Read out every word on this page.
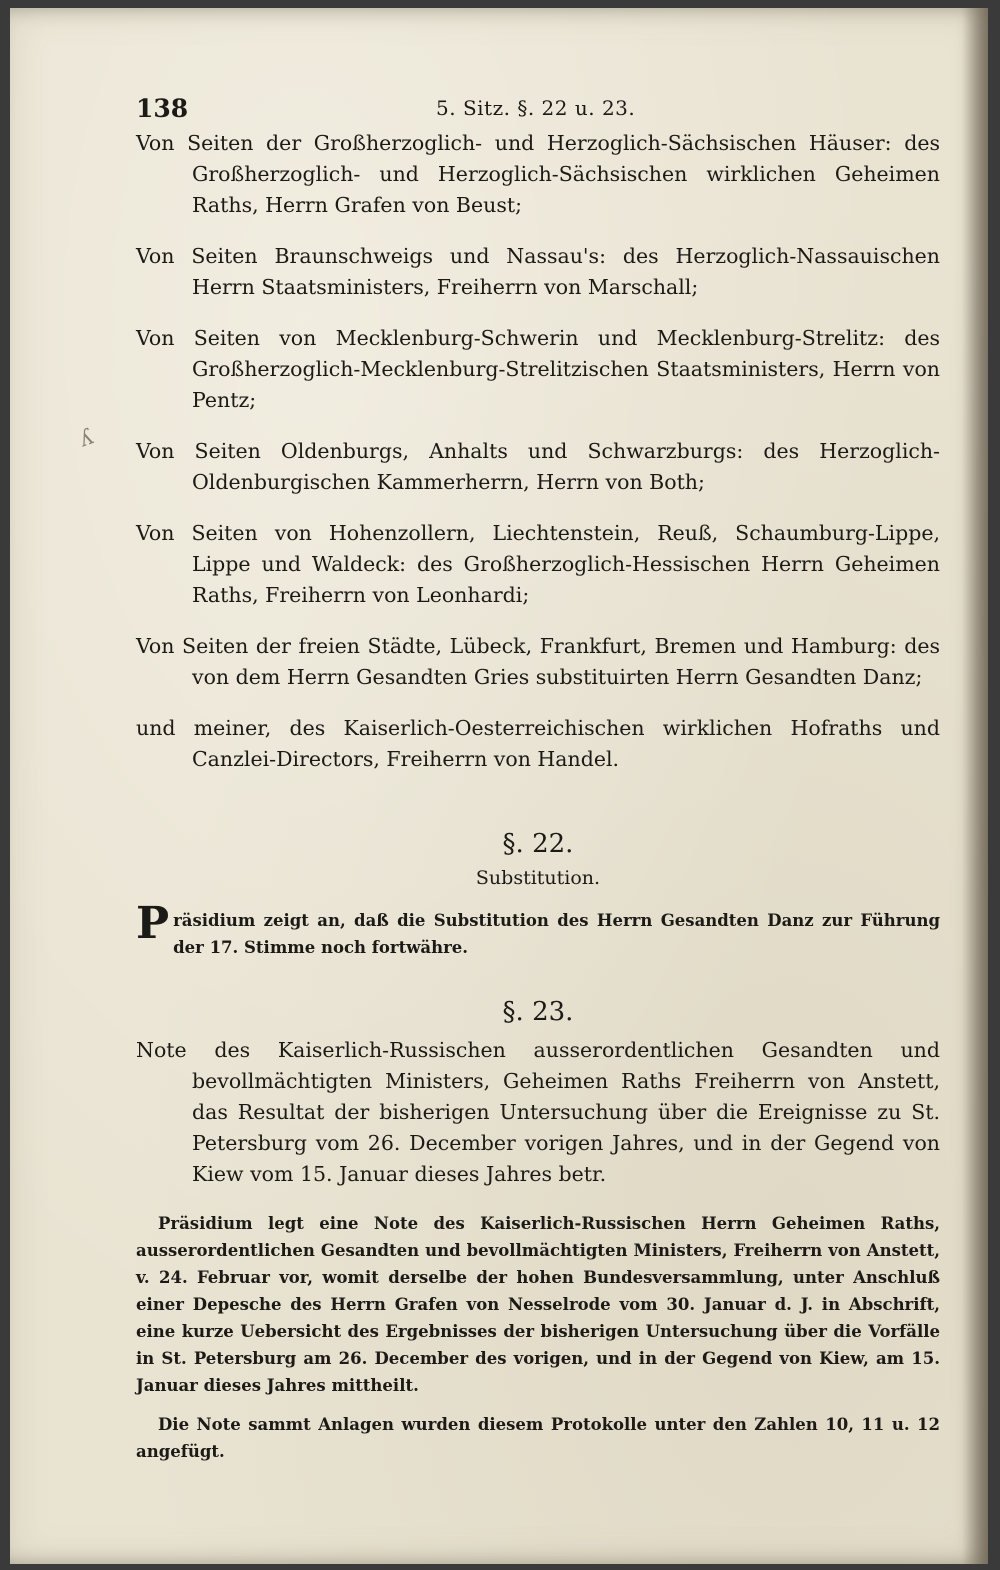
ʎ
138	5. Sitz. §. 22 u. 23.

Von Seiten der Großherzoglich- und Herzoglich-Sächsischen Häuser: des Großherzoglich- und Herzoglich-Sächsischen wirklichen Geheimen Raths, Herrn Grafen von Beust;

Von Seiten Braunschweigs und Nassau's: des Herzoglich-Nassauischen Herrn Staatsministers, Freiherrn von Marschall;

Von Seiten von Mecklenburg-Schwerin und Mecklenburg-Strelitz: des Großherzoglich-Mecklenburg-Strelitzischen Staatsministers, Herrn von Pentz;

Von Seiten Oldenburgs, Anhalts und Schwarzburgs: des Herzoglich-Oldenburgischen Kammerherrn, Herrn von Both;

Von Seiten von Hohenzollern, Liechtenstein, Reuß, Schaumburg-Lippe, Lippe und Waldeck: des Großherzoglich-Hessischen Herrn Geheimen Raths, Freiherrn von Leonhardi;

Von Seiten der freien Städte, Lübeck, Frankfurt, Bremen und Hamburg: des von dem Herrn Gesandten Gries substituirten Herrn Gesandten Danz;

und meiner, des Kaiserlich-Oesterreichischen wirklichen Hofraths und Canzlei-Directors, Freiherrn von Handel.

§. 22.
Substitution.

Präsidium zeigt an, daß die Substitution des Herrn Gesandten Danz zur Führung der 17. Stimme noch fortwähre.

§. 23.

Note des Kaiserlich-Russischen ausserordentlichen Gesandten und bevollmächtigten Ministers, Geheimen Raths Freiherrn von Anstett, das Resultat der bisherigen Untersuchung über die Ereignisse zu St. Petersburg vom 26. December vorigen Jahres, und in der Gegend von Kiew vom 15. Januar dieses Jahres betr.

Präsidium legt eine Note des Kaiserlich-Russischen Herrn Geheimen Raths, ausserordentlichen Gesandten und bevollmächtigten Ministers, Freiherrn von Anstett, v. 24. Februar vor, womit derselbe der hohen Bundesversammlung, unter Anschluß einer Depesche des Herrn Grafen von Nesselrode vom 30. Januar d. J. in Abschrift, eine kurze Uebersicht des Ergebnisses der bisherigen Untersuchung über die Vorfälle in St. Petersburg am 26. December des vorigen, und in der Gegend von Kiew, am 15. Januar dieses Jahres mittheilt.

Die Note sammt Anlagen wurden diesem Protokolle unter den Zahlen 10, 11 u. 12 angefügt.
